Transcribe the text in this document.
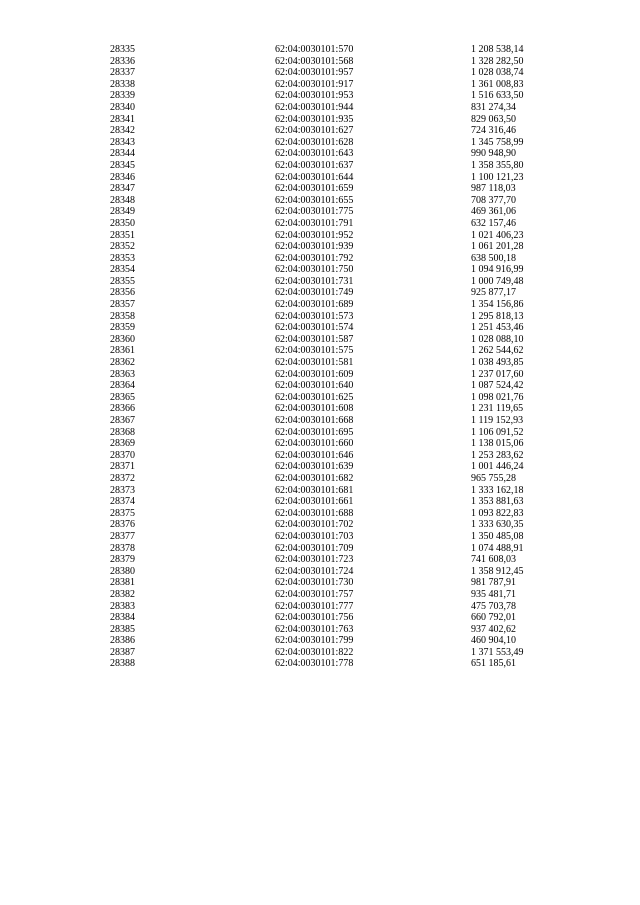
28335	62:04:0030101:570	1 208 538,14
28336	62:04:0030101:568	1 328 282,50
28337	62:04:0030101:957	1 028 038,74
28338	62:04:0030101:917	1 361 008,83
28339	62:04:0030101:953	1 516 633,50
28340	62:04:0030101:944	831 274,34
28341	62:04:0030101:935	829 063,50
28342	62:04:0030101:627	724 316,46
28343	62:04:0030101:628	1 345 758,99
28344	62:04:0030101:643	990 948,90
28345	62:04:0030101:637	1 358 355,80
28346	62:04:0030101:644	1 100 121,23
28347	62:04:0030101:659	987 118,03
28348	62:04:0030101:655	708 377,70
28349	62:04:0030101:775	469 361,06
28350	62:04:0030101:791	632 157,46
28351	62:04:0030101:952	1 021 406,23
28352	62:04:0030101:939	1 061 201,28
28353	62:04:0030101:792	638 500,18
28354	62:04:0030101:750	1 094 916,99
28355	62:04:0030101:731	1 000 749,48
28356	62:04:0030101:749	925 877,17
28357	62:04:0030101:689	1 354 156,86
28358	62:04:0030101:573	1 295 818,13
28359	62:04:0030101:574	1 251 453,46
28360	62:04:0030101:587	1 028 088,10
28361	62:04:0030101:575	1 262 544,62
28362	62:04:0030101:581	1 038 493,85
28363	62:04:0030101:609	1 237 017,60
28364	62:04:0030101:640	1 087 524,42
28365	62:04:0030101:625	1 098 021,76
28366	62:04:0030101:608	1 231 119,65
28367	62:04:0030101:668	1 119 152,93
28368	62:04:0030101:695	1 106 091,52
28369	62:04:0030101:660	1 138 015,06
28370	62:04:0030101:646	1 253 283,62
28371	62:04:0030101:639	1 001 446,24
28372	62:04:0030101:682	965 755,28
28373	62:04:0030101:681	1 333 162,18
28374	62:04:0030101:661	1 353 881,63
28375	62:04:0030101:688	1 093 822,83
28376	62:04:0030101:702	1 333 630,35
28377	62:04:0030101:703	1 350 485,08
28378	62:04:0030101:709	1 074 488,91
28379	62:04:0030101:723	741 608,03
28380	62:04:0030101:724	1 358 912,45
28381	62:04:0030101:730	981 787,91
28382	62:04:0030101:757	935 481,71
28383	62:04:0030101:777	475 703,78
28384	62:04:0030101:756	660 792,01
28385	62:04:0030101:763	937 402,62
28386	62:04:0030101:799	460 904,10
28387	62:04:0030101:822	1 371 553,49
28388	62:04:0030101:778	651 185,61
